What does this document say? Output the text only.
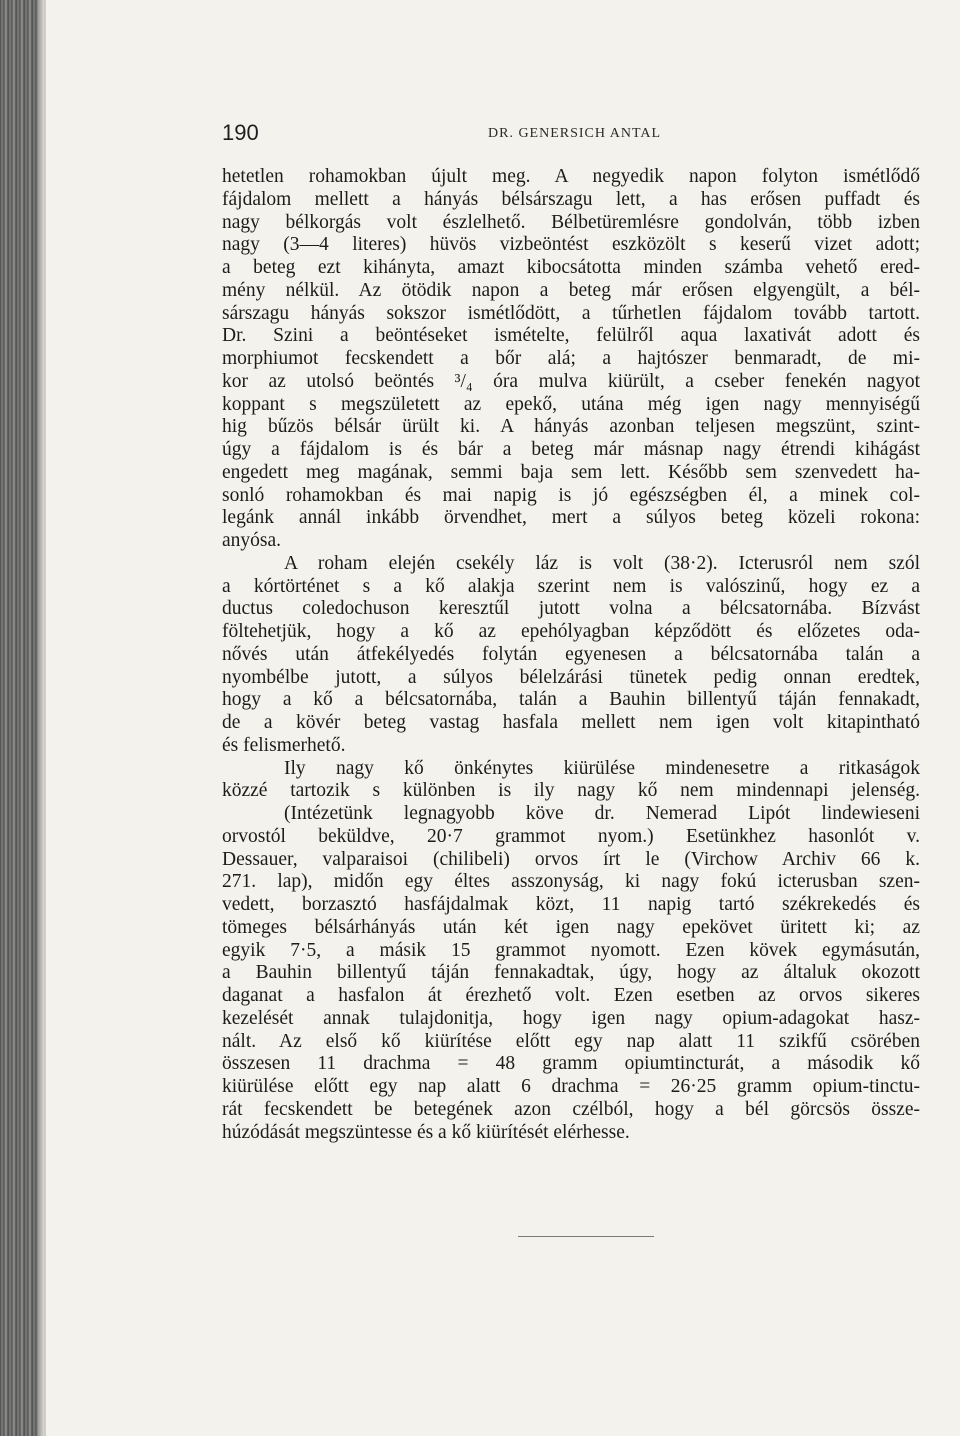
190	DR. GENERSICH ANTAL
hetetlen rohamokban újult meg. A negyedik napon folyton ismétlődő
fájdalom mellett a hányás bélsárszagu lett, a has erősen puffadt és
nagy bélkorgás volt észlelhető. Bélbetüremlésre gondolván, több izben
nagy (3—4 literes) hüvös vizbeöntést eszközölt s keserű vizet adott;
a beteg ezt kihányta, amazt kibocsátotta minden számba vehető ered-
mény nélkül. Az ötödik napon a beteg már erősen elgyengült, a bél-
sárszagu hányás sokszor ismétlődött, a tűrhetlen fájdalom tovább tartott.
Dr. Szini a beöntéseket ismételte, felülről aqua laxativát adott és
morphiumot fecskendett a bőr alá; a hajtószer benmaradt, de mi-
kor az utolsó beöntés ³/₄ óra mulva kiürült, a cseber fenekén nagyot
koppant s megszületett az epekő, utána még igen nagy mennyiségű
hig bűzös bélsár ürült ki. A hányás azonban teljesen megszünt, szint-
úgy a fájdalom is és bár a beteg már másnap nagy étrendi kihágást
engedett meg magának, semmi baja sem lett. Később sem szenvedett ha-
sonló rohamokban és mai napig is jó egészségben él, a minek col-
legánk annál inkább örvendhet, mert a súlyos beteg közeli rokona:
anyósa.
A roham elején csekély láz is volt (38·2). Icterusról nem szól
a kórtörténet s a kő alakja szerint nem is valószinű, hogy ez a
ductus coledochuson keresztűl jutott volna a bélcsatornába. Bízvást
föltehetjük, hogy a kő az epehólyagban képződött és előzetes oda-
nővés után átfekélyedés folytán egyenesen a bélcsatornába talán a
nyombélbe jutott, a súlyos bélelzárási tünetek pedig onnan eredtek,
hogy a kő a bélcsatornába, talán a Bauhin billentyű táján fennakadt,
de a kövér beteg vastag hasfala mellett nem igen volt kitapintható
és felismerhető.
Ily nagy kő önkénytes kiürülése mindenesetre a ritkaságok
közzé tartozik s különben is ily nagy kő nem mindennapi jelenség.
(Intézetünk legnagyobb köve dr. Nemerad Lipót lindewieseni
orvostól beküldve, 20·7 grammot nyom.) Esetünkhez hasonlót v.
Dessauer, valparaisoi (chilibeli) orvos írt le (Virchow Archiv 66 k.
271. lap), midőn egy éltes asszonyság, ki nagy fokú icterusban szen-
vedett, borzasztó hasfájdalmak közt, 11 napig tartó székrekedés és
tömeges bélsárhányás után két igen nagy epekövet üritett ki; az
egyik 7·5, a másik 15 grammot nyomott. Ezen kövek egymásután,
a Bauhin billentyű táján fennakadtak, úgy, hogy az általuk okozott
daganat a hasfalon át érezhető volt. Ezen esetben az orvos sikeres
kezelését annak tulajdonitja, hogy igen nagy opium-adagokat hasz-
nált. Az első kő kiürítése előtt egy nap alatt 11 szikfű csörében
összesen 11 drachma = 48 gramm opiumtincturát, a második kő
kiürülése előtt egy nap alatt 6 drachma = 26·25 gramm opium-tinctu-
rát fecskendett be betegének azon czélból, hogy a bél görcsös össze-
húzódását megszüntesse és a kő kiürítését elérhesse.
